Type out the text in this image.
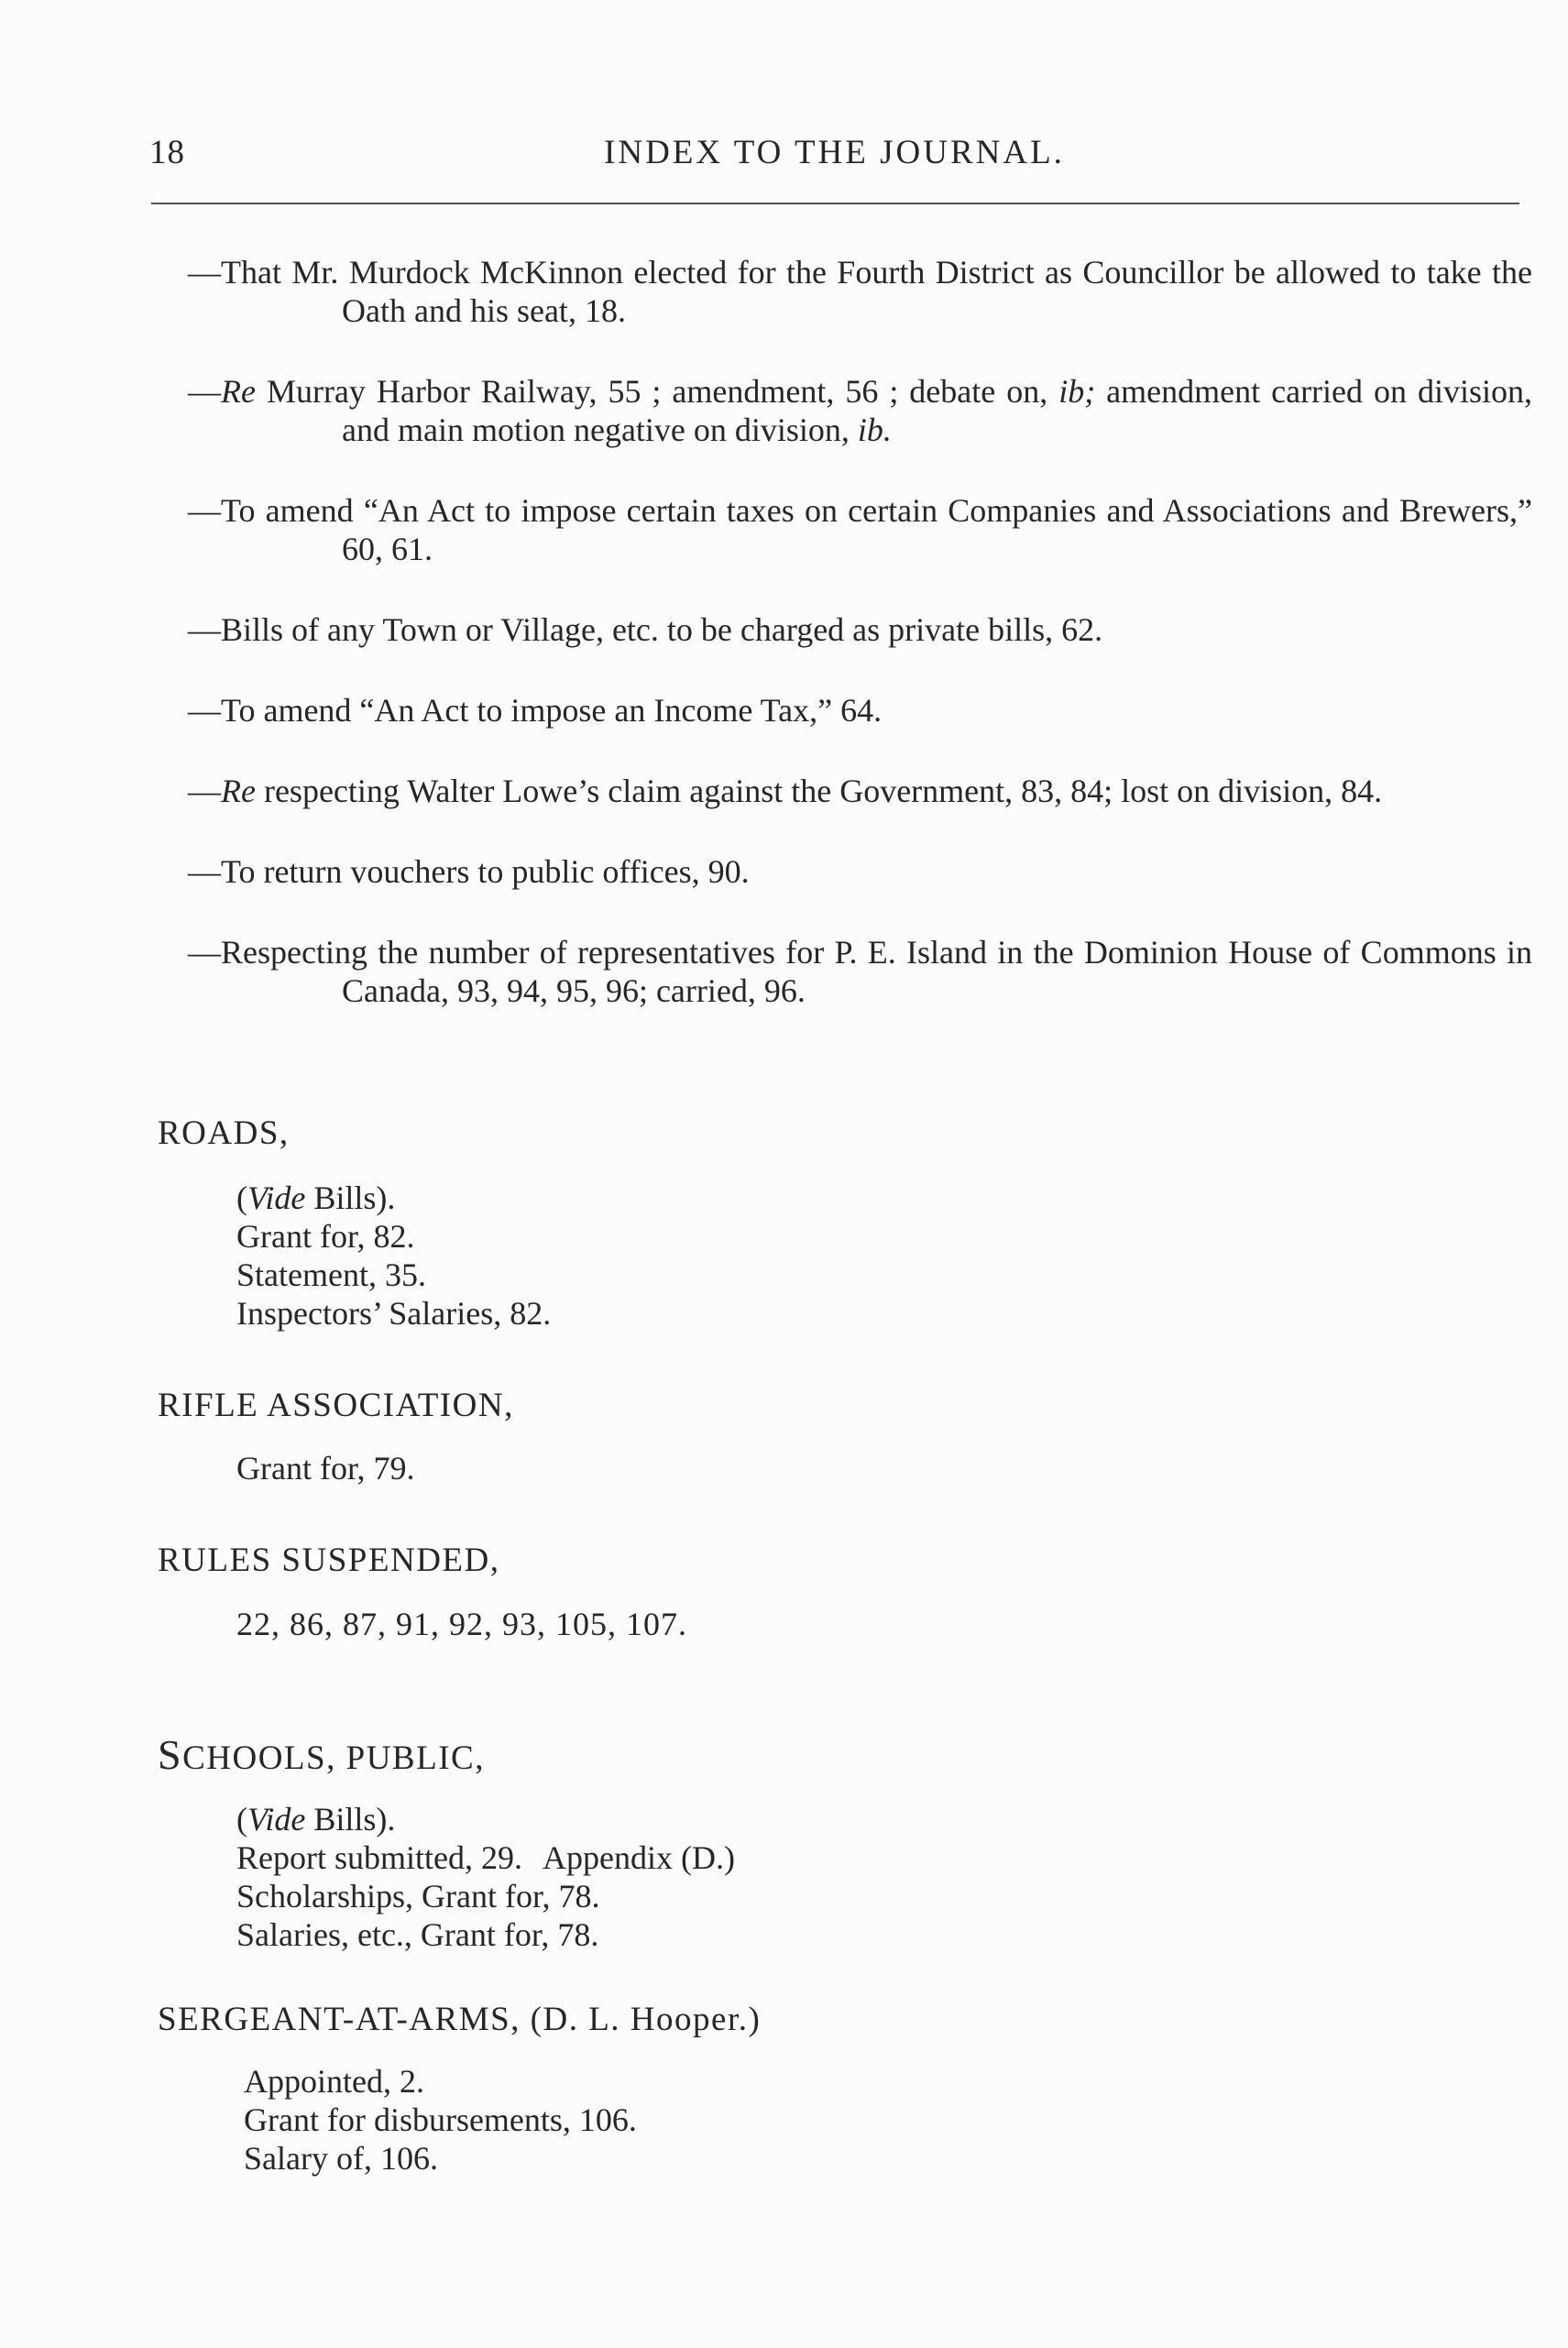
18	INDEX TO THE JOURNAL.

—That Mr. Murdock McKinnon elected for the Fourth District as Councillor be allowed to take the Oath and his seat, 18.

—Re Murray Harbor Railway, 55 ; amendment, 56 ; debate on, ib; amendment carried on division, and main motion negative on division, ib.

—To amend “An Act to impose certain taxes on certain Companies and Associations and Brewers,” 60, 61.

—Bills of any Town or Village, etc. to be charged as private bills, 62.

—To amend “An Act to impose an Income Tax,” 64.

—Re respecting Walter Lowe’s claim against the Government, 83, 84; lost on division, 84.

—To return vouchers to public offices, 90.

—Respecting the number of representatives for P. E. Island in the Dominion House of Commons in Canada, 93, 94, 95, 96; carried, 96.

ROADS,
(Vide Bills).
Grant for, 82.
Statement, 35.
Inspectors’ Salaries, 82.
RIFLE ASSOCIATION,
Grant for, 79.
RULES SUSPENDED,
22, 86, 87, 91, 92, 93, 105, 107.
SCHOOLS, PUBLIC,
(Vide Bills).
Report submitted, 29. Appendix (D.)
Scholarships, Grant for, 78.
Salaries, etc., Grant for, 78.
SERGEANT-AT-ARMS, (D. L. Hooper.)
Appointed, 2.
Grant for disbursements, 106.
Salary of, 106.
